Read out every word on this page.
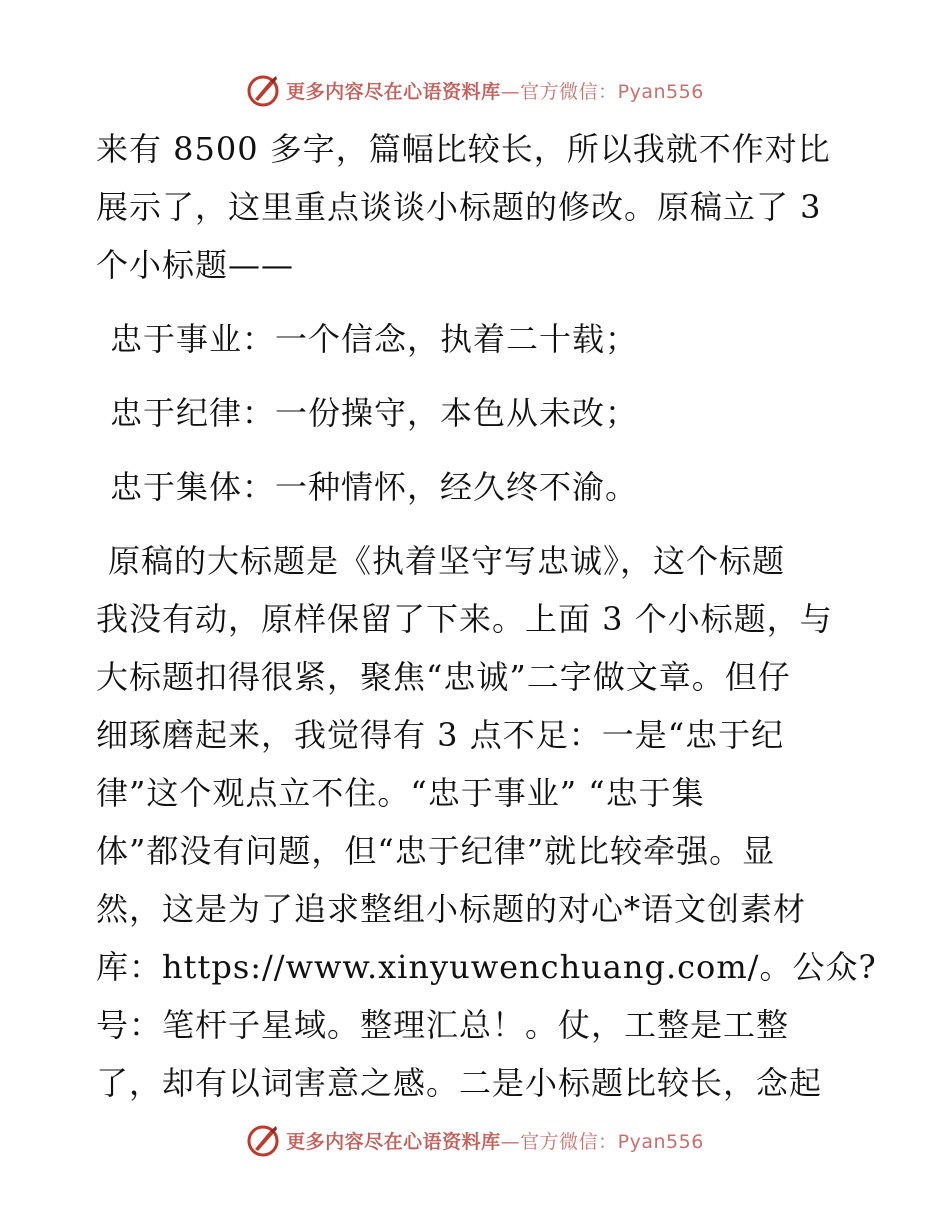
更多内容尽在心语资料库—官方微信：Pyan556
来有 8500 多字，篇幅比较长，所以我就不作对比
展示了，这里重点谈谈小标题的修改。原稿立了 3
个小标题——
忠于事业：一个信念，执着二十载；
忠于纪律：一份操守，本色从未改；
忠于集体：一种情怀，经久终不渝。
原稿的大标题是《执着坚守写忠诚》，这个标题
我没有动，原样保留了下来。上面 3 个小标题，与
大标题扣得很紧，聚焦“忠诚”二字做文章。但仔
细琢磨起来，我觉得有 3 点不足：一是“忠于纪
律”这个观点立不住。“忠于事业” “忠于集
体”都没有问题，但“忠于纪律”就比较牵强。显
然，这是为了追求整组小标题的对心*语文创素材
库：https://www.xinyuwenchuang.com/。公众?
号：笔杆子星域。整理汇总！。仗，工整是工整
了，却有以词害意之感。二是小标题比较长，念起
更多内容尽在心语资料库—官方微信：Pyan556
